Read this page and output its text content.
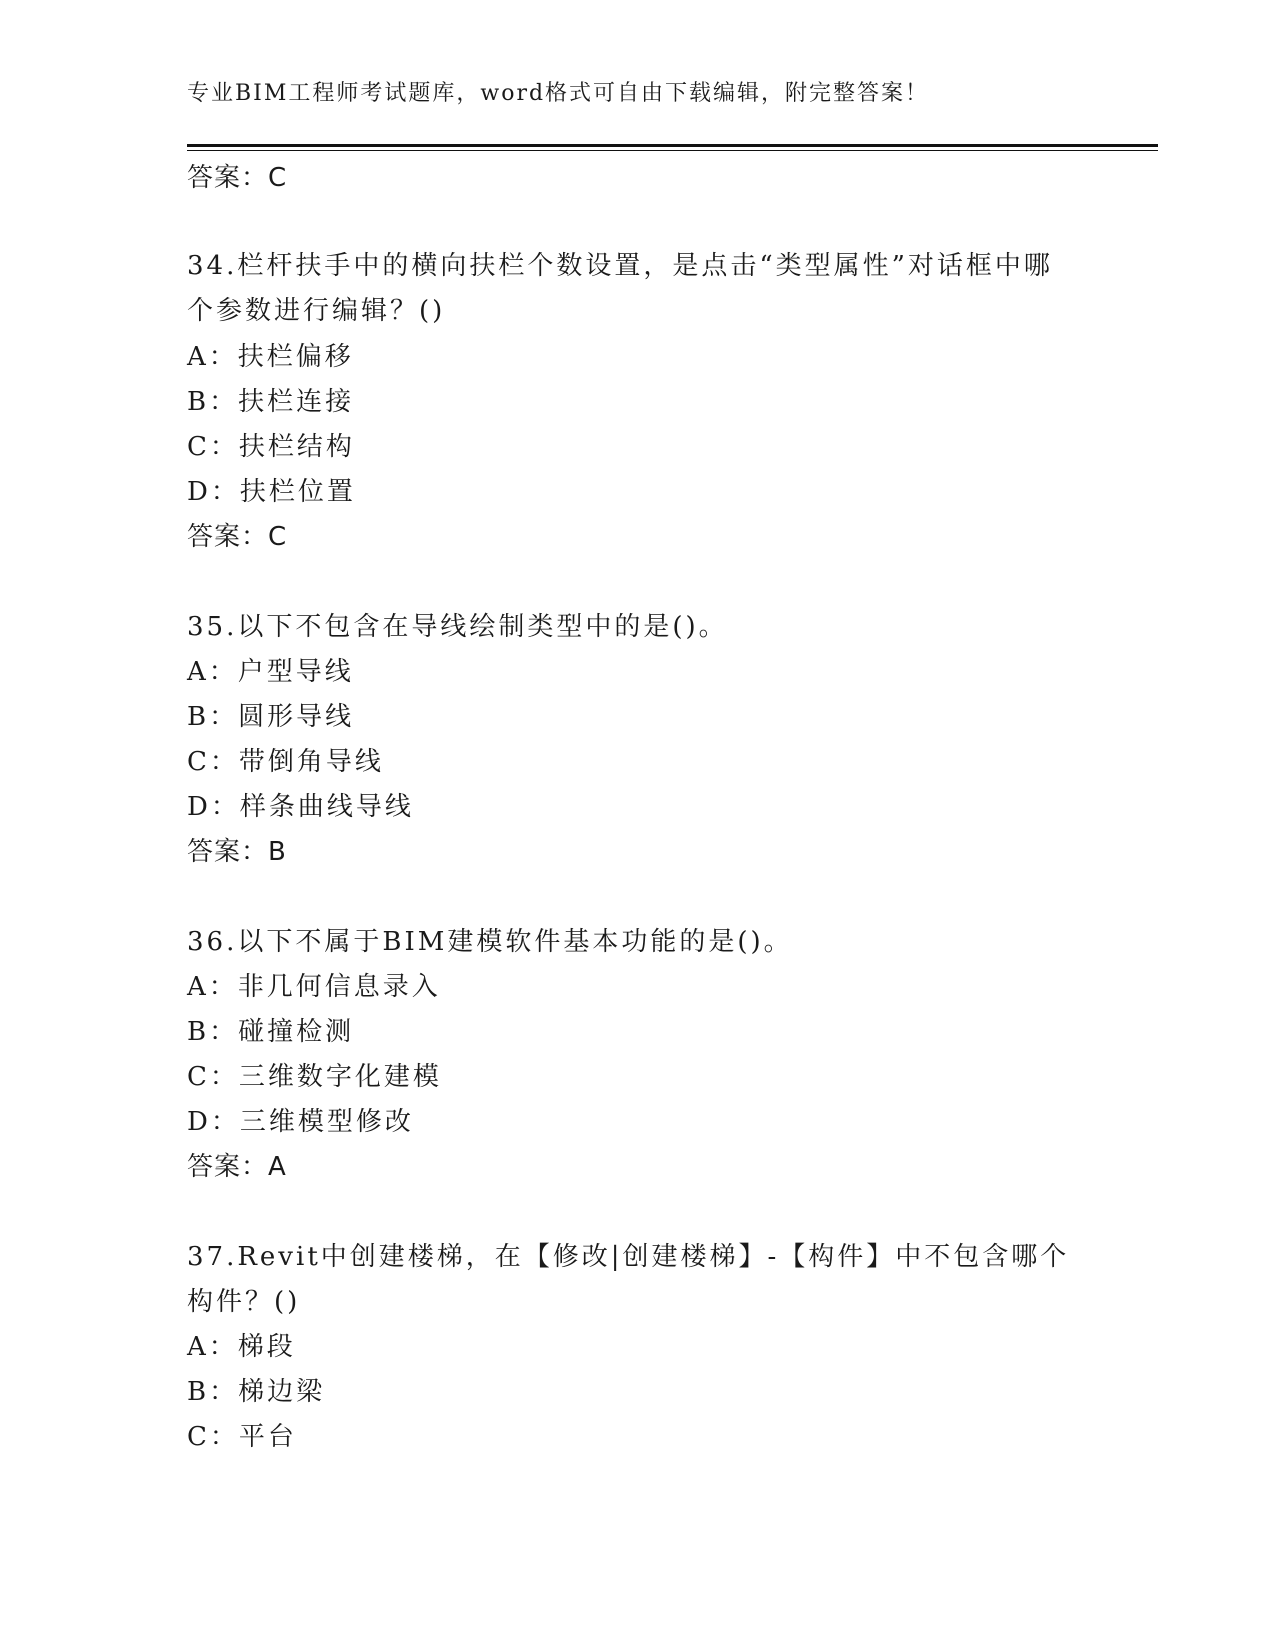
专业BIM工程师考试题库，word格式可自由下载编辑，附完整答案！
答案：C
34.栏杆扶手中的横向扶栏个数设置，是点击“类型属性”对话框中哪
个参数进行编辑？()
A：扶栏偏移
B：扶栏连接
C：扶栏结构
D：扶栏位置
答案：C
35.以下不包含在导线绘制类型中的是()。
A：户型导线
B：圆形导线
C：带倒角导线
D：样条曲线导线
答案：B
36.以下不属于BIM建模软件基本功能的是()。
A：非几何信息录入
B：碰撞检测
C：三维数字化建模
D：三维模型修改
答案：A
37.Revit中创建楼梯，在【修改|创建楼梯】-【构件】中不包含哪个
构件？()
A：梯段
B：梯边梁
C：平台
